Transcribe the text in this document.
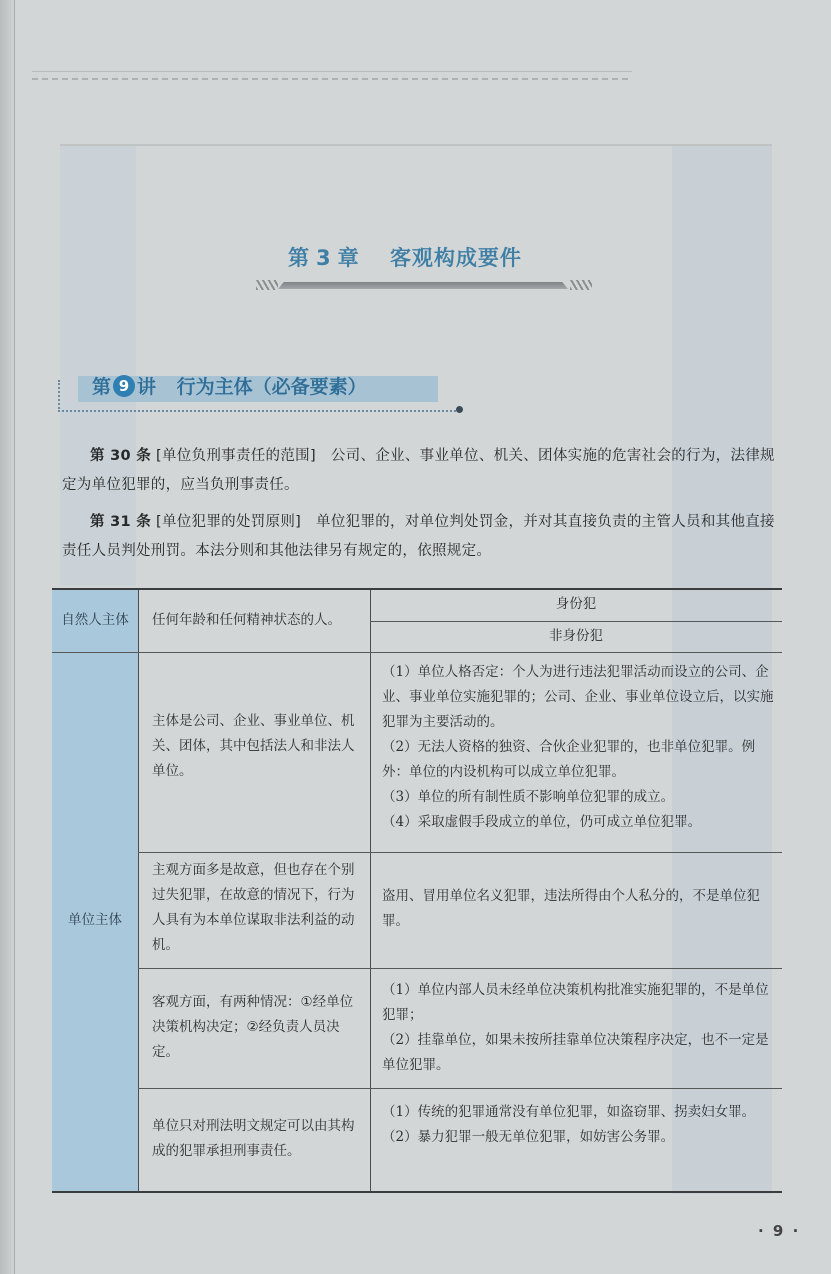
第 3 章 客观构成要件
第 9 讲 行为主体（必备要素）
第 30 条 [单位负刑事责任的范围] 公司、企业、事业单位、机关、团体实施的危害社会的行为，法律规定为单位犯罪的，应当负刑事责任。
第 31 条 [单位犯罪的处罚原则] 单位犯罪的，对单位判处罚金，并对其直接负责的主管人员和其他直接责任人员判处刑罚。本法分则和其他法律另有规定的，依照规定。
自然人主体	任何年龄和任何精神状态的人。
身份犯
非身份犯
单位主体
主体是公司、企业、事业单位、机关、团体，其中包括法人和非法人单位。
（1）单位人格否定：个人为进行违法犯罪活动而设立的公司、企业、事业单位实施犯罪的；公司、企业、事业单位设立后，以实施犯罪为主要活动的。
（2）无法人资格的独资、合伙企业犯罪的，也非单位犯罪。例外：单位的内设机构可以成立单位犯罪。
（3）单位的所有制性质不影响单位犯罪的成立。
（4）采取虚假手段成立的单位，仍可成立单位犯罪。
主观方面多是故意，但也存在个别过失犯罪，在故意的情况下，行为人具有为本单位谋取非法利益的动机。
盗用、冒用单位名义犯罪，违法所得由个人私分的，不是单位犯罪。
客观方面，有两种情况：①经单位决策机构决定；②经负责人员决定。
（1）单位内部人员未经单位决策机构批准实施犯罪的，不是单位犯罪；
（2）挂靠单位，如果未按所挂靠单位决策程序决定，也不一定是单位犯罪。
单位只对刑法明文规定可以由其构成的犯罪承担刑事责任。
（1）传统的犯罪通常没有单位犯罪，如盗窃罪、拐卖妇女罪。
（2）暴力犯罪一般无单位犯罪，如妨害公务罪。
· 9 ·
